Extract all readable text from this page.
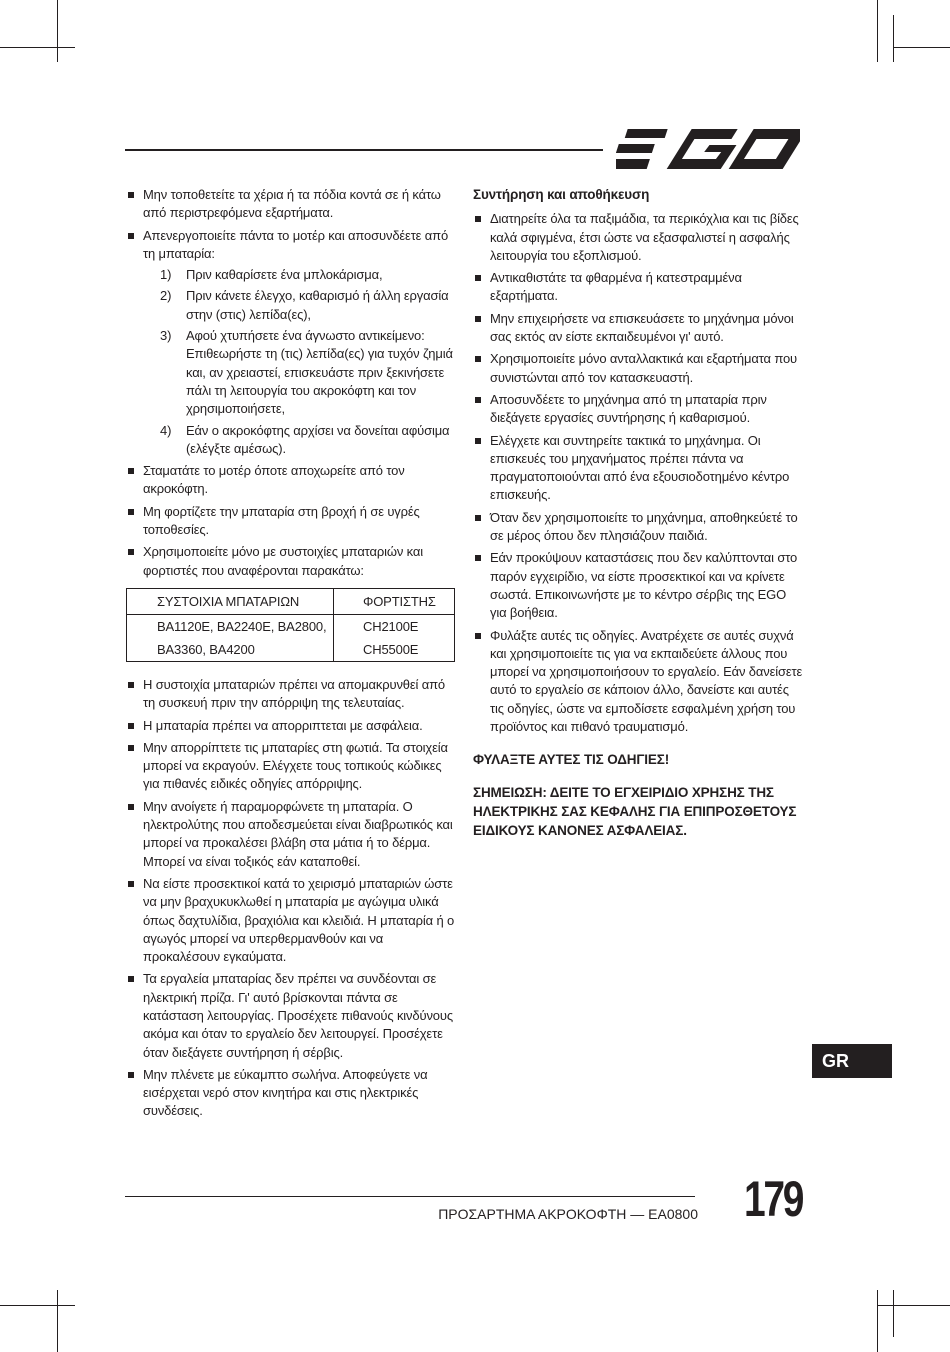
Μην τοποθετείτε τα χέρια ή τα πόδια κοντά σε ή κάτω από περιστρεφόμενα εξαρτήματα.
Απενεργοποιείτε πάντα το μοτέρ και αποσυνδέετε από τη μπαταρία:
1) Πριν καθαρίσετε ένα μπλοκάρισμα,
2) Πριν κάνετε έλεγχο, καθαρισμό ή άλλη εργασία στην (στις) λεπίδα(ες),
3) Αφού χτυπήσετε ένα άγνωστο αντικείμενο: Επιθεωρήστε τη (τις) λεπίδα(ες) για τυχόν ζημιά και, αν χρειαστεί, επισκευάστε πριν ξεκινήσετε πάλι τη λειτουργία του ακροκόφτη και τον χρησιμοποιήσετε,
4) Εάν ο ακροκόφτης αρχίσει να δονείται αφύσιμα (ελέγξτε αμέσως).
Σταματάτε το μοτέρ όποτε αποχωρείτε από τον ακροκόφτη.
Μη φορτίζετε την μπαταρία στη βροχή ή σε υγρές τοποθεσίες.
Χρησιμοποιείτε μόνο με συστοιχίες μπαταριών και φορτιστές που αναφέρονται παρακάτω:
ΣΥΣΤΟΙΧΙΑ ΜΠΑΤΑΡΙΩΝ	ΦΟΡΤΙΣΤΗΣ
BA1120E, BA2240E, BA2800,	CH2100E
BA3360, BA4200	CH5500E
Η συστοιχία μπαταριών πρέπει να απομακρυνθεί από τη συσκευή πριν την απόρριψη της τελευταίας.
Η μπαταρία πρέπει να απορριπτεται με ασφάλεια.
Μην απορρίπτετε τις μπαταρίες στη φωτιά. Τα στοιχεία μπορεί να εκραγούν. Ελέγχετε τους τοπικούς κώδικες για πιθανές ειδικές οδηγίες απόρριψης.
Μην ανοίγετε ή παραμορφώνετε τη μπαταρία. Ο ηλεκτρολύτης που αποδεσμεύεται είναι διαβρωτικός και μπορεί να προκαλέσει βλάβη στα μάτια ή το δέρμα. Μπορεί να είναι τοξικός εάν καταποθεί.
Να είστε προσεκτικοί κατά το χειρισμό μπαταριών ώστε να μην βραχυκυκλωθεί η μπαταρία με αγώγιμα υλικά όπως δαχτυλίδια, βραχιόλια και κλειδιά. Η μπαταρία ή ο αγωγός μπορεί να υπερθερμανθούν και να προκαλέσουν εγκαύματα.
Τα εργαλεία μπαταρίας δεν πρέπει να συνδέονται σε ηλεκτρική πρίζα. Γι' αυτό βρίσκονται πάντα σε κατάσταση λειτουργίας. Προσέχετε πιθανούς κινδύνους ακόμα και όταν το εργαλείο δεν λειτουργεί. Προσέχετε όταν διεξάγετε συντήρηση ή σέρβις.
Μην πλένετε με εύκαμπτο σωλήνα. Αποφεύγετε να εισέρχεται νερό στον κινητήρα και στις ηλεκτρικές συνδέσεις.
Συντήρηση και αποθήκευση
Διατηρείτε όλα τα παξιμάδια, τα περικόχλια και τις βίδες καλά σφιγμένα, έτσι ώστε να εξασφαλιστεί η ασφαλής λειτουργία του εξοπλισμού.
Αντικαθιστάτε τα φθαρμένα ή κατεστραμμένα εξαρτήματα.
Μην επιχειρήσετε να επισκευάσετε το μηχάνημα μόνοι σας εκτός αν είστε εκπαιδευμένοι γι' αυτό.
Χρησιμοποιείτε μόνο ανταλλακτικά και εξαρτήματα που συνιστώνται από τον κατασκευαστή.
Αποσυνδέετε το μηχάνημα από τη μπαταρία πριν διεξάγετε εργασίες συντήρησης ή καθαρισμού.
Ελέγχετε και συντηρείτε τακτικά το μηχάνημα. Οι επισκευές του μηχανήματος πρέπει πάντα να πραγματοποιούνται από ένα εξουσιοδοτημένο κέντρο επισκευής.
Όταν δεν χρησιμοποιείτε το μηχάνημα, αποθηκεύετέ το σε μέρος όπου δεν πλησιάζουν παιδιά.
Εάν προκύψουν καταστάσεις που δεν καλύπτονται στο παρόν εγχειρίδιο, να είστε προσεκτικοί και να κρίνετε σωστά. Επικοινωνήστε με το κέντρο σέρβις της EGO για βοήθεια.
Φυλάξτε αυτές τις οδηγίες. Ανατρέχετε σε αυτές συχνά και χρησιμοποιείτε τις για να εκπαιδεύετε άλλους που μπορεί να χρησιμοποιήσουν το εργαλείο. Εάν δανείσετε αυτό το εργαλείο σε κάποιον άλλο, δανείστε και αυτές τις οδηγίες, ώστε να εμποδίσετε εσφαλμένη χρήση του προϊόντος και πιθανό τραυματισμό.

ΦΥΛΑΞΤΕ ΑΥΤΕΣ ΤΙΣ ΟΔΗΓΙΕΣ!

ΣΗΜΕΙΩΣΗ: ΔΕΙΤΕ ΤΟ ΕΓΧΕΙΡΙΔΙΟ ΧΡΗΣΗΣ ΤΗΣ ΗΛΕΚΤΡΙΚΗΣ ΣΑΣ ΚΕΦΑΛΗΣ ΓΙΑ ΕΠΙΠΡΟΣΘΕΤΟΥΣ ΕΙΔΙΚΟΥΣ ΚΑΝΟΝΕΣ ΑΣΦΑΛΕΙΑΣ.

GR
ΠΡΟΣΑΡΤΗΜΑ ΑΚΡΟΚΟΦΤΗ — EA0800 179
